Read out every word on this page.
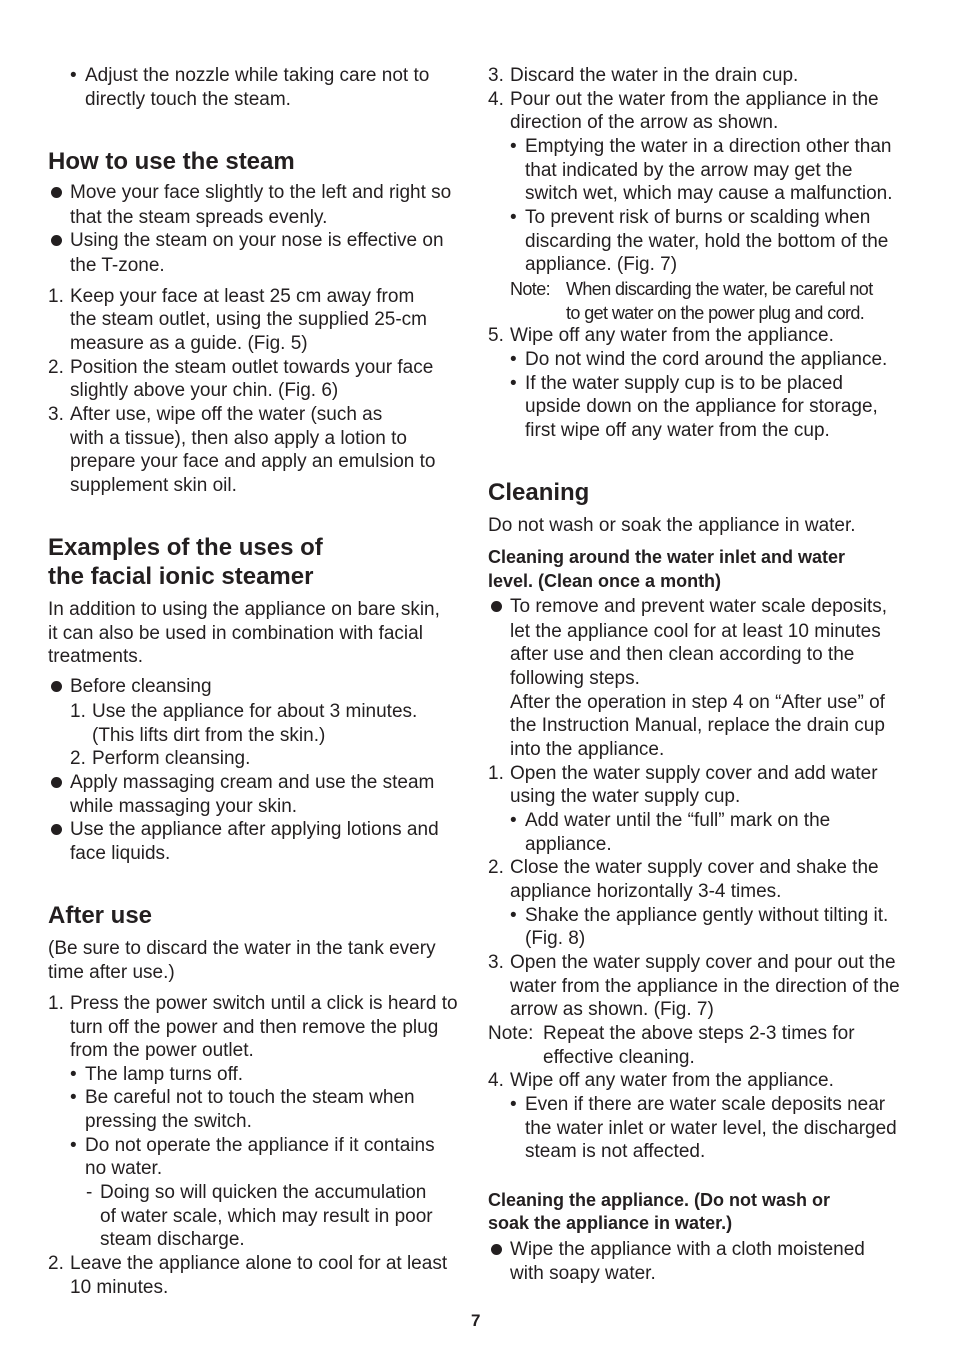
• Adjust the nozzle while taking care not to
directly touch the steam.
How to use the steam
Move your face slightly to the left and right so
that the steam spreads evenly.
Using the steam on your nose is effective on
the T-zone.
1. Keep your face at least 25 cm away from
the steam outlet, using the supplied 25-cm
measure as a guide. (Fig. 5)
2. Position the steam outlet towards your face
slightly above your chin. (Fig. 6)
3. After use, wipe off the water (such as
with a tissue), then also apply a lotion to
prepare your face and apply an emulsion to
supplement skin oil.
Examples of the uses of
the facial ionic steamer
In addition to using the appliance on bare skin,
it can also be used in combination with facial
treatments.
Before cleansing
1. Use the appliance for about 3 minutes.
(This lifts dirt from the skin.)
2. Perform cleansing.
Apply massaging cream and use the steam
while massaging your skin.
Use the appliance after applying lotions and
face liquids.
After use
(Be sure to discard the water in the tank every
time after use.)
1. Press the power switch until a click is heard to
turn off the power and then remove the plug
from the power outlet.
• The lamp turns off.
• Be careful not to touch the steam when
pressing the switch.
• Do not operate the appliance if it contains
no water.
- Doing so will quicken the accumulation
of water scale, which may result in poor
steam discharge.
2. Leave the appliance alone to cool for at least
10 minutes.
3. Discard the water in the drain cup.
4. Pour out the water from the appliance in the
direction of the arrow as shown.
• Emptying the water in a direction other than
that indicated by the arrow may get the
switch wet, which may cause a malfunction.
• To prevent risk of burns or scalding when
discarding the water, hold the bottom of the
appliance. (Fig. 7)
Note: When discarding the water, be careful not
to get water on the power plug and cord.
5. Wipe off any water from the appliance.
• Do not wind the cord around the appliance.
• If the water supply cup is to be placed
upside down on the appliance for storage,
first wipe off any water from the cup.
Cleaning
Do not wash or soak the appliance in water.
Cleaning around the water inlet and water
level. (Clean once a month)
To remove and prevent water scale deposits,
let the appliance cool for at least 10 minutes
after use and then clean according to the
following steps.
After the operation in step 4 on “After use” of
the Instruction Manual, replace the drain cup
into the appliance.
1. Open the water supply cover and add water
using the water supply cup.
• Add water until the “full” mark on the
appliance.
2. Close the water supply cover and shake the
appliance horizontally 3-4 times.
• Shake the appliance gently without tilting it.
(Fig. 8)
3. Open the water supply cover and pour out the
water from the appliance in the direction of the
arrow as shown. (Fig. 7)
Note: Repeat the above steps 2-3 times for
effective cleaning.
4. Wipe off any water from the appliance.
• Even if there are water scale deposits near
the water inlet or water level, the discharged
steam is not affected.
Cleaning the appliance. (Do not wash or
soak the appliance in water.)
Wipe the appliance with a cloth moistened
with soapy water.
7
